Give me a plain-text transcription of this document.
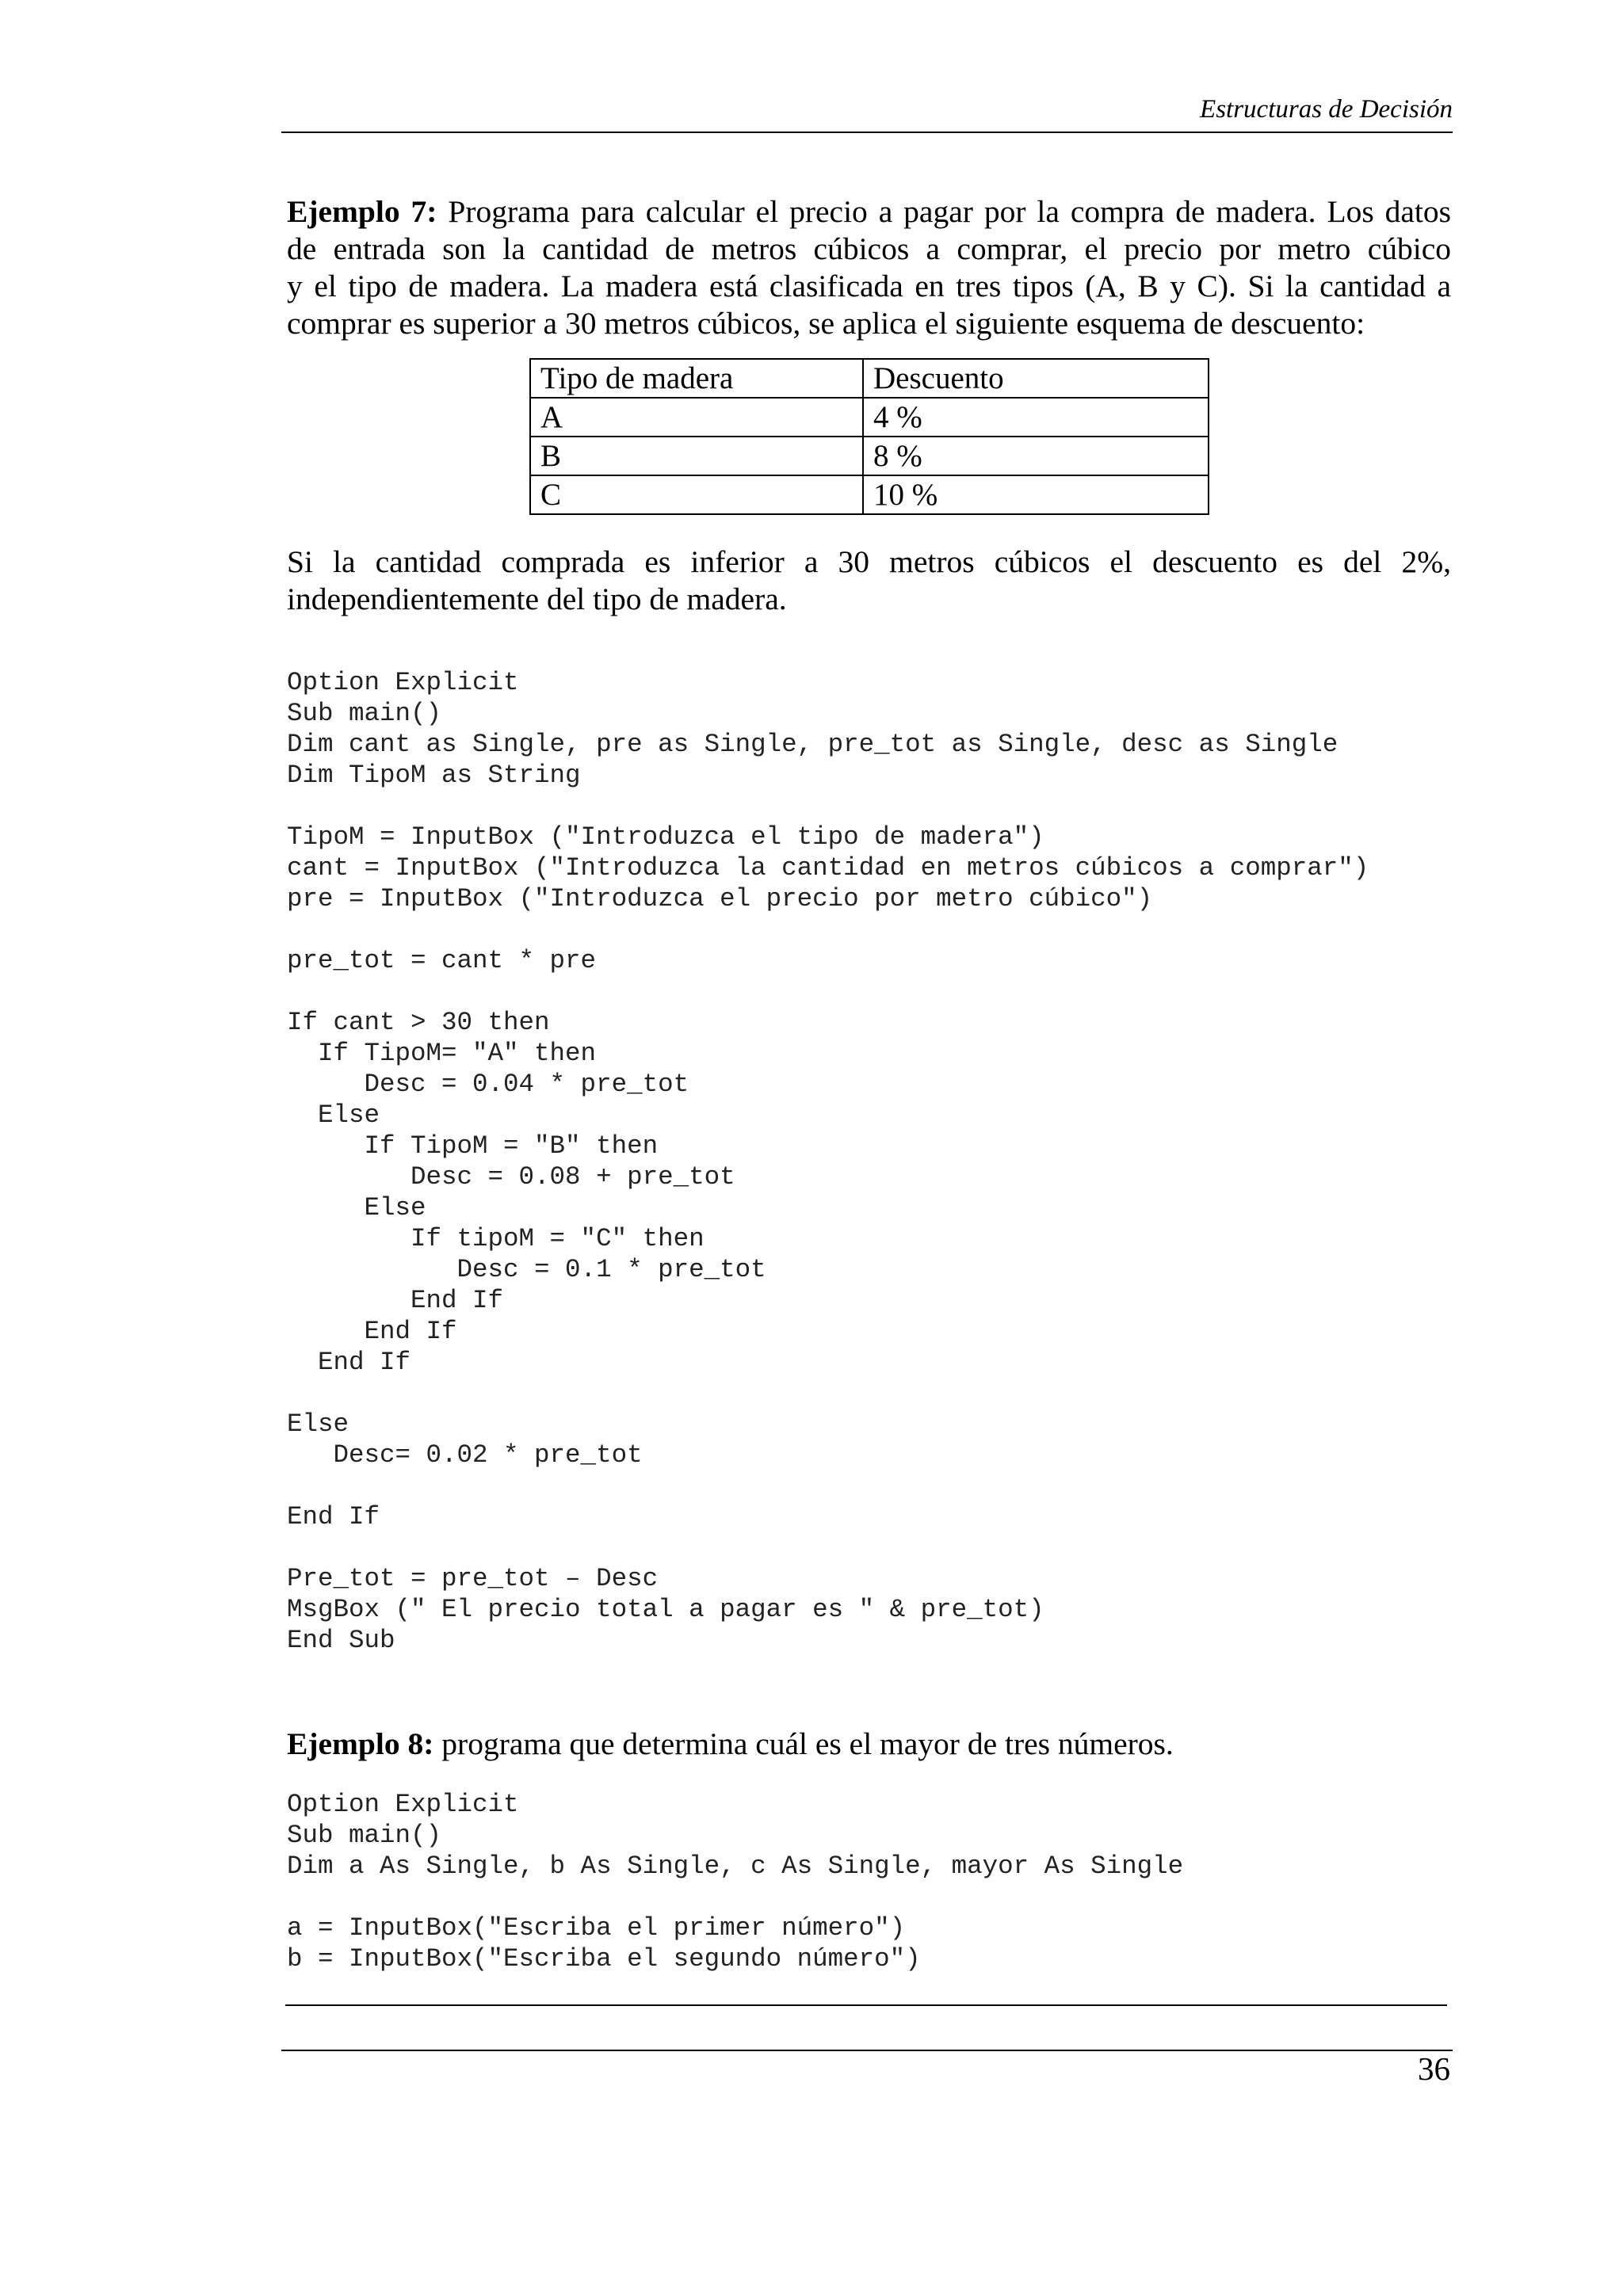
Estructuras de Decisión
Ejemplo 7: Programa para calcular el precio a pagar por la compra de madera. Los datos
de entrada son la cantidad de metros cúbicos a comprar, el precio por metro cúbico
y el tipo de madera. La madera está clasificada en tres tipos (A, B y C). Si la cantidad a
comprar es superior a 30 metros cúbicos, se aplica el siguiente esquema de descuento:
Tipo de madera	Descuento
A	4 %
B	8 %
C	10 %
Si la cantidad comprada es inferior a 30 metros cúbicos el descuento es del 2%,
independientemente del tipo de madera.
Option Explicit
Sub main()
Dim cant as Single, pre as Single, pre_tot as Single, desc as Single
Dim TipoM as String
TipoM = InputBox ("Introduzca el tipo de madera")
cant = InputBox ("Introduzca la cantidad en metros cúbicos a comprar")
pre = InputBox ("Introduzca el precio por metro cúbico")
pre_tot = cant * pre
If cant > 30 then
If TipoM= "A" then
Desc = 0.04 * pre_tot
Else
If TipoM = "B" then
Desc = 0.08 + pre_tot
Else
If tipoM = "C" then
Desc = 0.1 * pre_tot
End If
End If
End If
Else
Desc= 0.02 * pre_tot
End If
Pre_tot = pre_tot – Desc
MsgBox (" El precio total a pagar es " & pre_tot)
End Sub
Ejemplo 8: programa que determina cuál es el mayor de tres números.
Option Explicit
Sub main()
Dim a As Single, b As Single, c As Single, mayor As Single
a = InputBox("Escriba el primer número")
b = InputBox("Escriba el segundo número")
36
